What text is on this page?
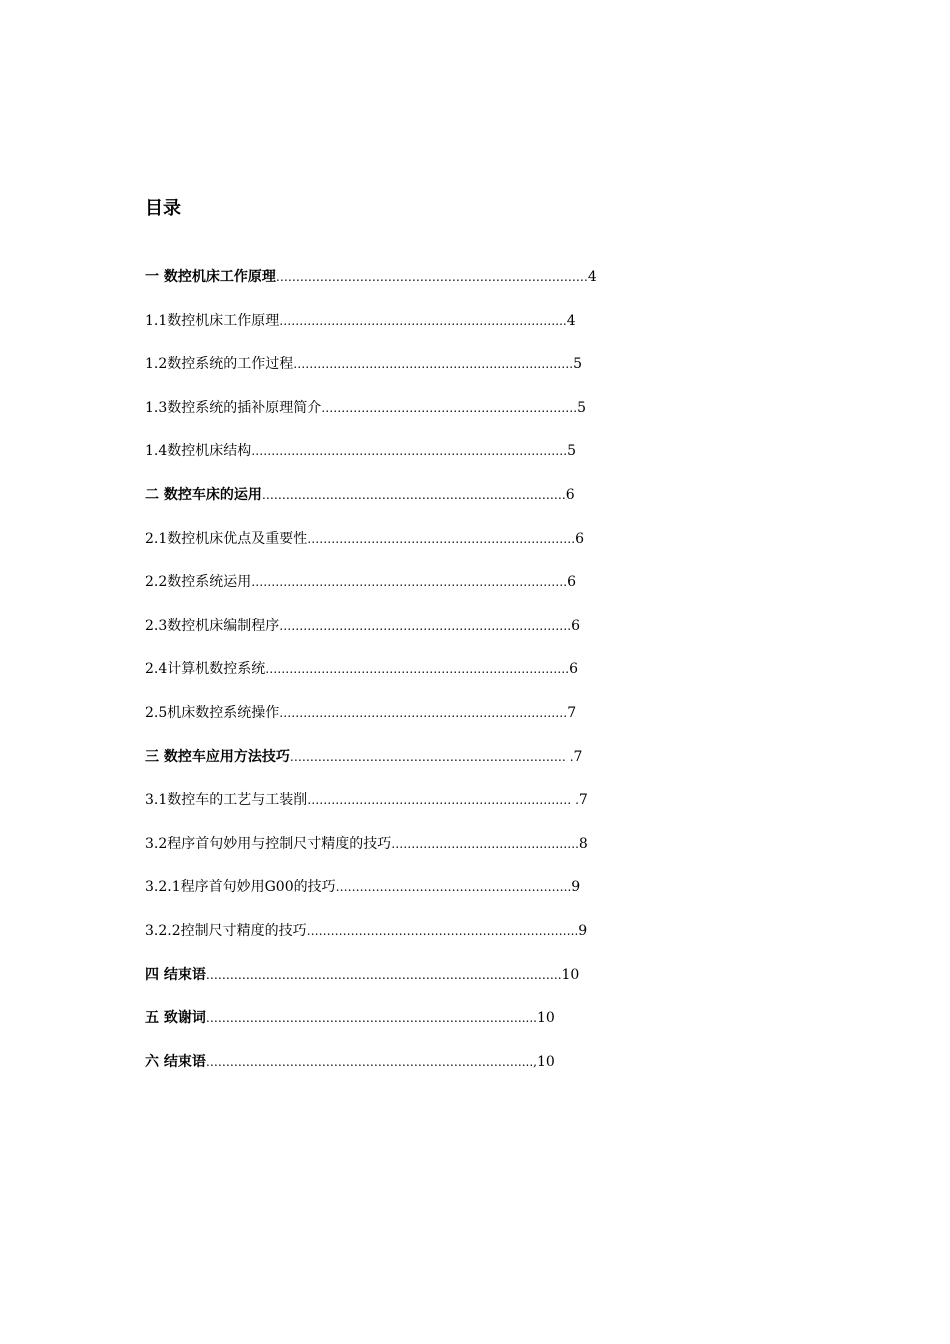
目录
一 数控机床工作原理 …………………………………………………………………… 4
1.1数控机床工作原理 ……………………………………………………………... 4
1.2数控系统的工作过程 ……………………………………………………………. 5
1.3数控系统的插补原理简介 ………………………………………………………. 5
1.4数控机床结构 ……………………………………………………………………. 5
二 数控车床的运用 …………………………………………………………………. 6
2.1数控机床优点及重要性 …………………………………………………………. 6
2.2数控系统运用 ……………………………………………………………………. 6
2.3数控机床编制程序 ………………………………………………………………. 6
2.4计算机数控系统 …………………………………………………………………. 6
2.5机床数控系统操作 ……………………………………………………………… 7
三 数控车应用方法技巧 …………………………………………………………… . 7
3.1数控车的工艺与工装削 ………………………………………………………… . 7
3.2程序首句妙用与控制尺寸精度的技巧 ……………………………………….. 8
3.2.1程序首句妙用G00的技巧 ………………………………………………….. 9
3.2.2控制尺寸精度的技巧 ………………………………………………………….. 9
四 结束语 …………………………………………………………………………….. 10
五 致谢词 ……………………………………………………………………..... 10
六 结束语 ……………………………………………………………………...., 10
